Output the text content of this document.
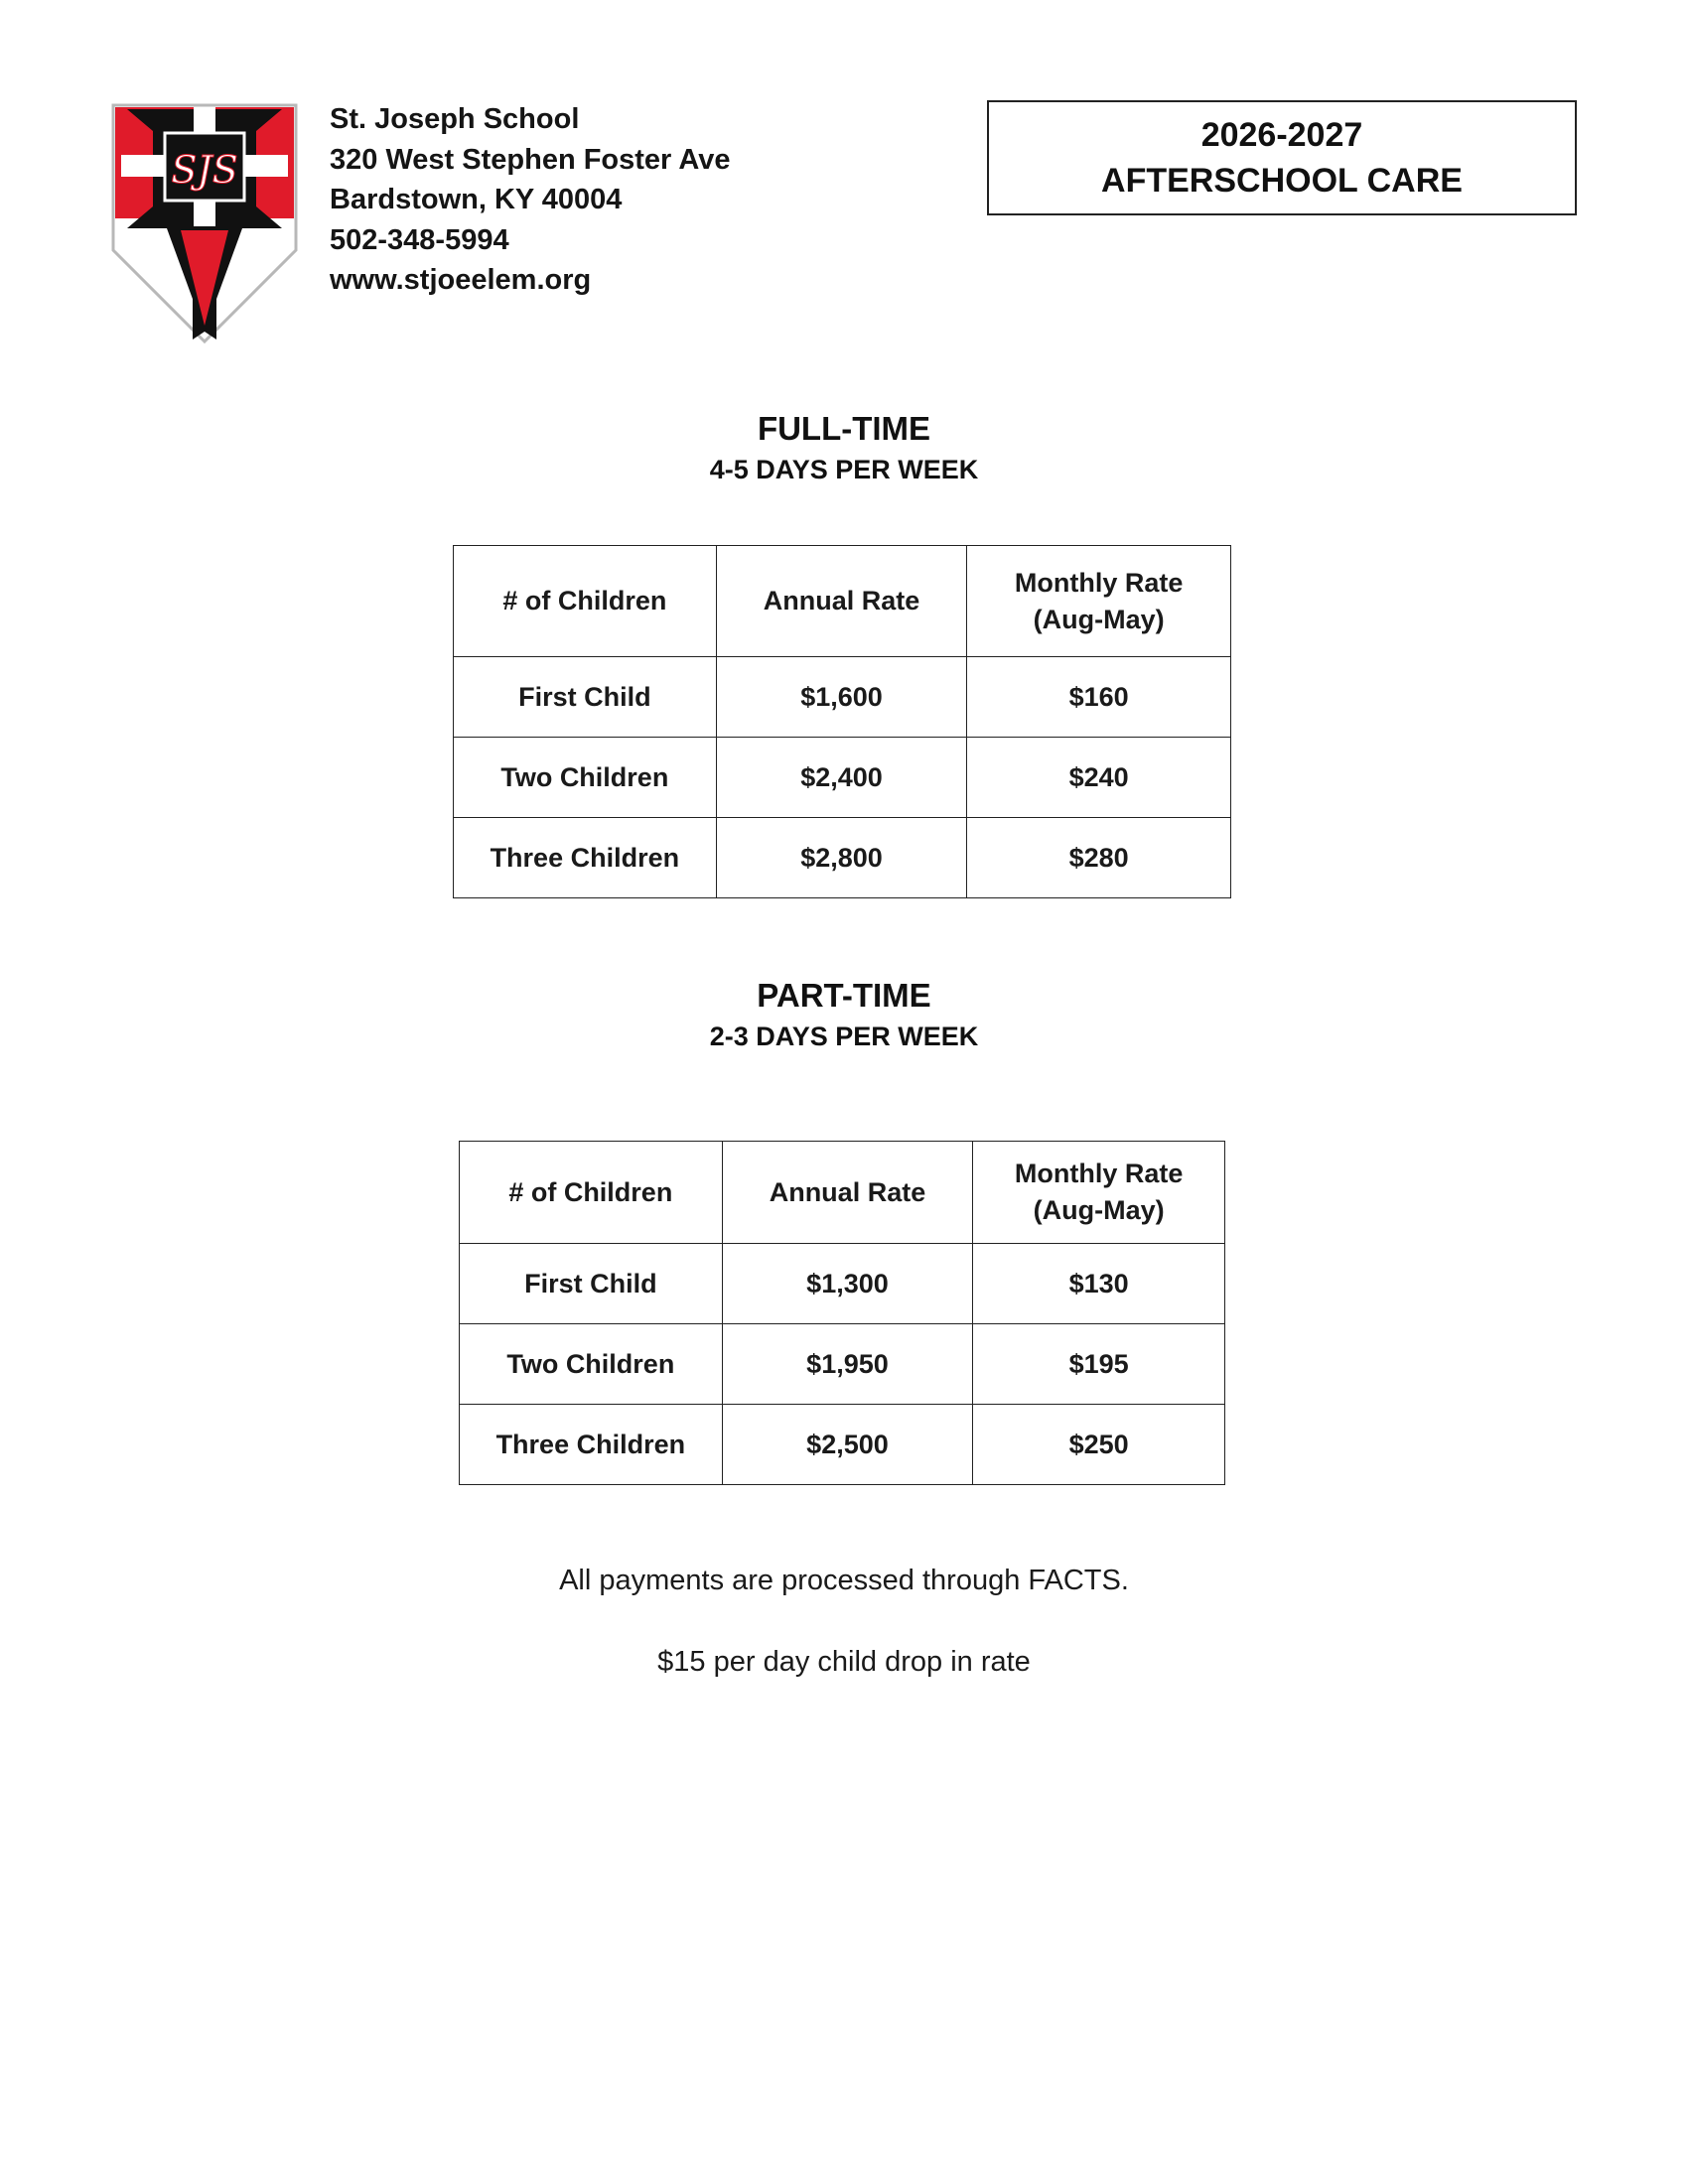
SJS
St. Joseph School
320 West Stephen Foster Ave
Bardstown, KY 40004
502-348-5994
www.stjoeelem.org
2026-2027
AFTERSCHOOL CARE
FULL-TIME
4-5 DAYS PER WEEK
# of Children	Annual Rate	Monthly Rate
(Aug-May)

First Child	$1,600	$160
Two Children	$2,400	$240
Three Children	$2,800	$280
PART-TIME
2-3 DAYS PER WEEK
# of Children	Annual Rate	Monthly Rate
(Aug-May)

First Child	$1,300	$130
Two Children	$1,950	$195
Three Children	$2,500	$250
All payments are processed through FACTS.
$15 per day child drop in rate
